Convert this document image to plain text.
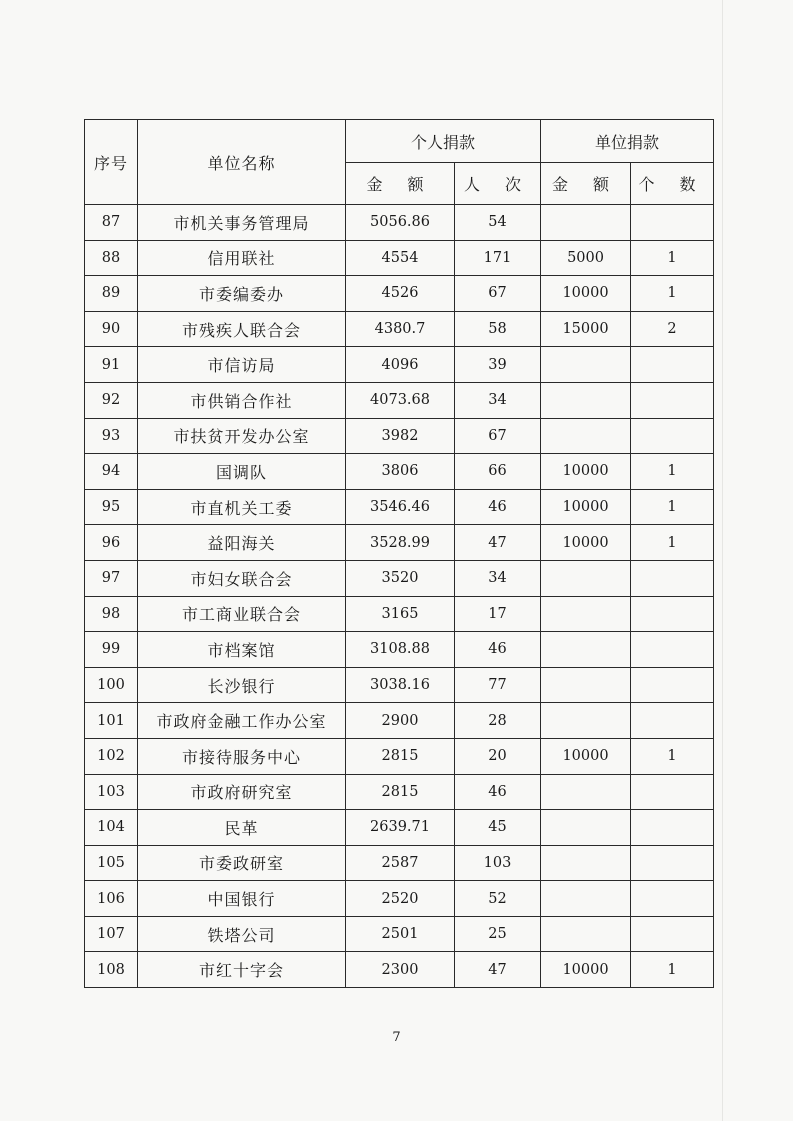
序号	单位名称	个人捐款		单位捐款	
		金 额	人 次	金 额	个 数
87	市机关事务管理局	5056.86	54		
88	信用联社	4554	171	5000	1
89	市委编委办	4526	67	10000	1
90	市残疾人联合会	4380.7	58	15000	2
91	市信访局	4096	39		
92	市供销合作社	4073.68	34		
93	市扶贫开发办公室	3982	67		
94	国调队	3806	66	10000	1
95	市直机关工委	3546.46	46	10000	1
96	益阳海关	3528.99	47	10000	1
97	市妇女联合会	3520	34		
98	市工商业联合会	3165	17		
99	市档案馆	3108.88	46		
100	长沙银行	3038.16	77		
101	市政府金融工作办公室	2900	28		
102	市接待服务中心	2815	20	10000	1
103	市政府研究室	2815	46		
104	民革	2639.71	45		
105	市委政研室	2587	103		
106	中国银行	2520	52		
107	铁塔公司	2501	25		
108	市红十字会	2300	47	10000	1
7
